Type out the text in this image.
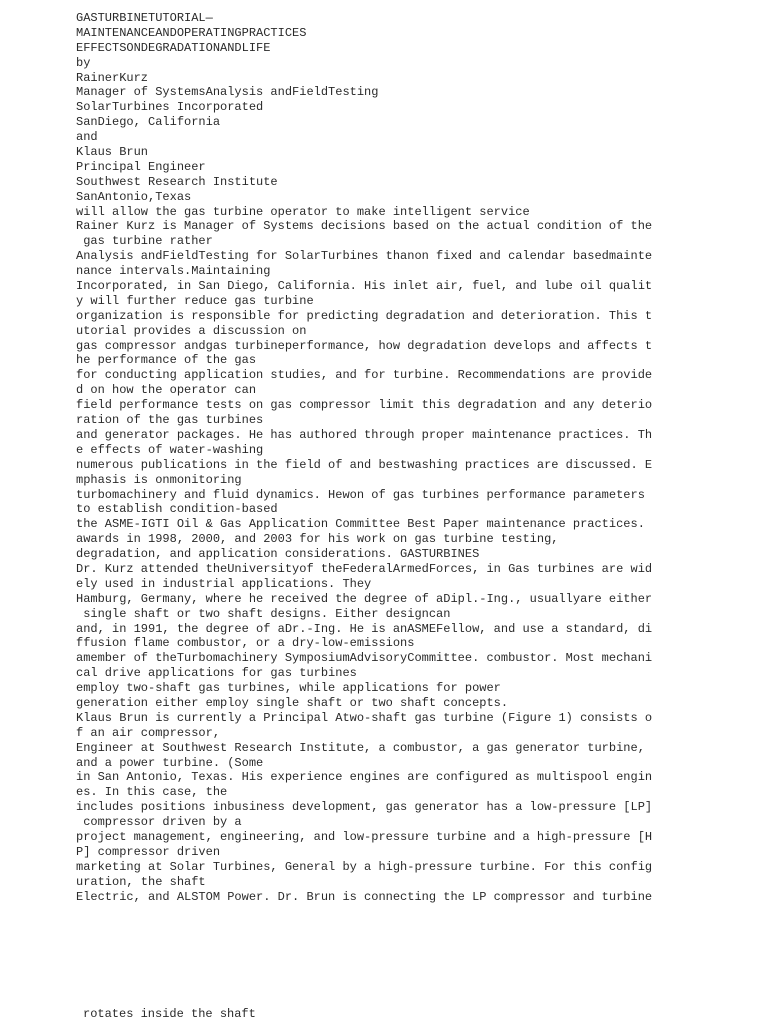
GASTURBINETUTORIAL—
MAINTENANCEANDOPERATINGPRACTICES
EFFECTSONDEGRADATIONANDLIFE
by
RainerKurz
Manager of SystemsAnalysis andFieldTesting
SolarTurbines Incorporated
SanDiego, California
and
Klaus Brun
Principal Engineer
Southwest Research Institute
SanAntonio,Texas
will allow the gas turbine operator to make intelligent service
Rainer Kurz is Manager of Systems decisions based on the actual condition of the
gas turbine rather
Analysis andFieldTesting for SolarTurbines thanon fixed and calendar basedmainte
nance intervals.Maintaining
Incorporated, in San Diego, California. His inlet air, fuel, and lube oil qualit
y will further reduce gas turbine
organization is responsible for predicting degradation and deterioration. This t
utorial provides a discussion on
gas compressor andgas turbineperformance, how degradation develops and affects t
he performance of the gas
for conducting application studies, and for turbine. Recommendations are provide
d on how the operator can
field performance tests on gas compressor limit this degradation and any deterio
ration of the gas turbines
and generator packages. He has authored through proper maintenance practices. Th
e effects of water-washing
numerous publications in the field of and bestwashing practices are discussed. E
mphasis is onmonitoring
turbomachinery and fluid dynamics. Hewon of gas turbines performance parameters
to establish condition-based
the ASME-IGTI Oil & Gas Application Committee Best Paper maintenance practices.
awards in 1998, 2000, and 2003 for his work on gas turbine testing,
degradation, and application considerations. GASTURBINES
Dr. Kurz attended theUniversityof theFederalArmedForces, in Gas turbines are wid
ely used in industrial applications. They
Hamburg, Germany, where he received the degree of aDipl.-Ing., usuallyare either
single shaft or two shaft designs. Either designcan
and, in 1991, the degree of aDr.-Ing. He is anASMEFellow, and use a standard, di
ffusion flame combustor, or a dry-low-emissions
amember of theTurbomachinery SymposiumAdvisoryCommittee. combustor. Most mechani
cal drive applications for gas turbines
employ two-shaft gas turbines, while applications for power
generation either employ single shaft or two shaft concepts.
Klaus Brun is currently a Principal Atwo-shaft gas turbine (Figure 1) consists o
f an air compressor,
Engineer at Southwest Research Institute, a combustor, a gas generator turbine,
and a power turbine. (Some
in San Antonio, Texas. His experience engines are configured as multispool engin
es. In this case, the
includes positions inbusiness development, gas generator has a low-pressure [LP]
compressor driven by a
project management, engineering, and low-pressure turbine and a high-pressure [H
P] compressor driven
marketing at Solar Turbines, General by a high-pressure turbine. For this config
uration, the shaft
Electric, and ALSTOM Power. Dr. Brun is connecting the LP compressor and turbine
rotates inside the shaft
